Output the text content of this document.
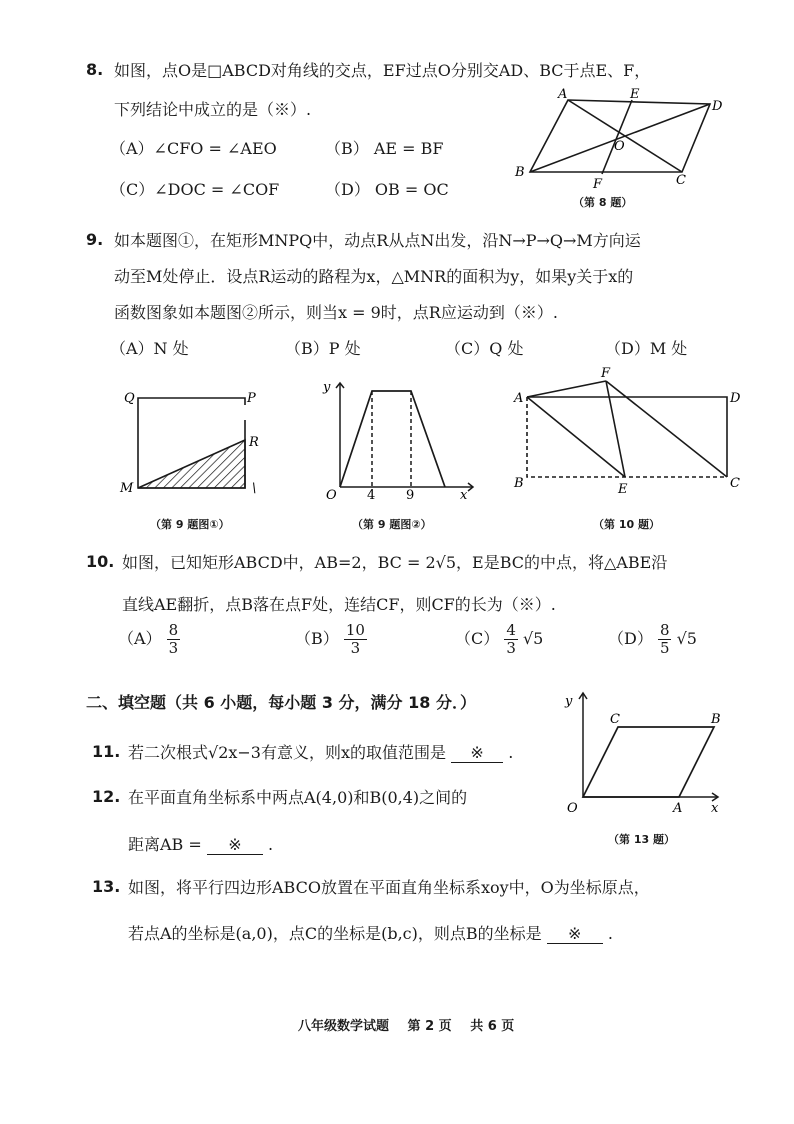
8. 如图，点O是□ABCD对角线的交点，EF过点O分别交AD、BC于点E、F，
下列结论中成立的是（※）.
（A）∠CFO = ∠AEO	（B） AE = BF
（C）∠DOC = ∠COF	（D） OB = OC
A	E
D
O
B
F	C
（第 8 题）
9. 如本题图①，在矩形MNPQ中，动点R从点N出发，沿N→P→Q→M方向运
动至M处停止．设点R运动的路程为x，△MNR的面积为y，如果y关于x的
函数图象如本题图②所示，则当x = 9时，点R应运动到（※）.
（A）N 处	（B）P 处	（C）Q 处	（D）M 处
Q	P
R
M	\
（第 9 题图①）
y
O 4 9	x
（第 9 题图②）
F
A	D
B	E	C
（第 10 题）
10. 如图，已知矩形ABCD中，AB=2，BC = 2√5，E是BC的中点，将△ABE沿
直线AE翻折，点B落在点F处，连结CF，则CF的长为（※）.
$(A) \frac{8}{3}$	$(B) \frac{10}{3}$	$(C) \frac{4}{3} √5$	$(D) \frac{8}{5} √5$
二、填空题（共 6 小题，每小题 3 分，满分 18 分．）
11. 若二次根式√2x−3有意义，则x的取值范围是 ※ .
12. 在平面直角坐标系中两点A(4,0)和B(0,4)之间的
距离AB = ※ .
y
C	B
O	A x
（第 13 题）
13. 如图，将平行四边形ABCO放置在平面直角坐标系xoy中，O为坐标原点，
若点A的坐标是(a,0)，点C的坐标是(b,c)，则点B的坐标是 ※ .
八年级数学试题 第 2 页 共 6 页
